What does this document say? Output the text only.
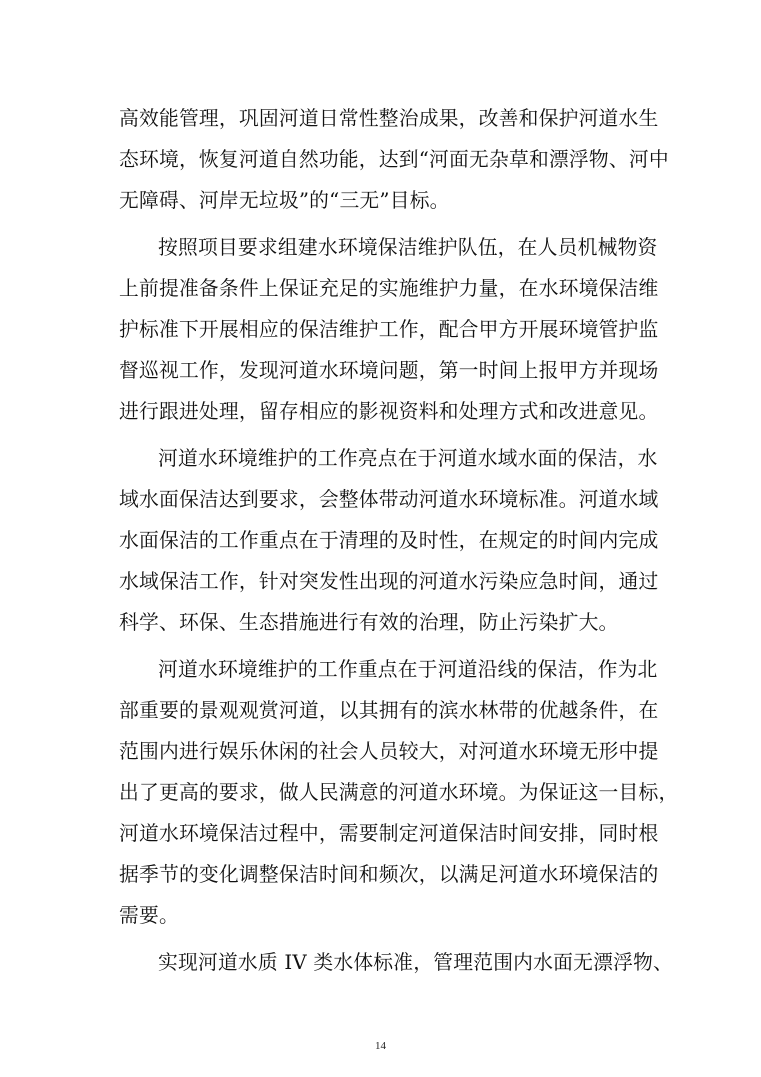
高效能管理，巩固河道日常性整治成果，改善和保护河道水生
态环境，恢复河道自然功能，达到“河面无杂草和漂浮物、河中
无障碍、河岸无垃圾”的“三无”目标。
按照项目要求组建水环境保洁维护队伍，在人员机械物资
上前提准备条件上保证充足的实施维护力量，在水环境保洁维
护标准下开展相应的保洁维护工作，配合甲方开展环境管护监
督巡视工作，发现河道水环境问题，第一时间上报甲方并现场
进行跟进处理，留存相应的影视资料和处理方式和改进意见。
河道水环境维护的工作亮点在于河道水域水面的保洁，水
域水面保洁达到要求，会整体带动河道水环境标准。河道水域
水面保洁的工作重点在于清理的及时性，在规定的时间内完成
水域保洁工作，针对突发性出现的河道水污染应急时间，通过
科学、环保、生态措施进行有效的治理，防止污染扩大。
河道水环境维护的工作重点在于河道沿线的保洁，作为北
部重要的景观观赏河道，以其拥有的滨水林带的优越条件，在
范围内进行娱乐休闲的社会人员较大，对河道水环境无形中提
出了更高的要求，做人民满意的河道水环境。为保证这一目标，
河道水环境保洁过程中，需要制定河道保洁时间安排，同时根
据季节的变化调整保洁时间和频次，以满足河道水环境保洁的
需要。
实现河道水质 IV 类水体标准，管理范围内水面无漂浮物、
14
